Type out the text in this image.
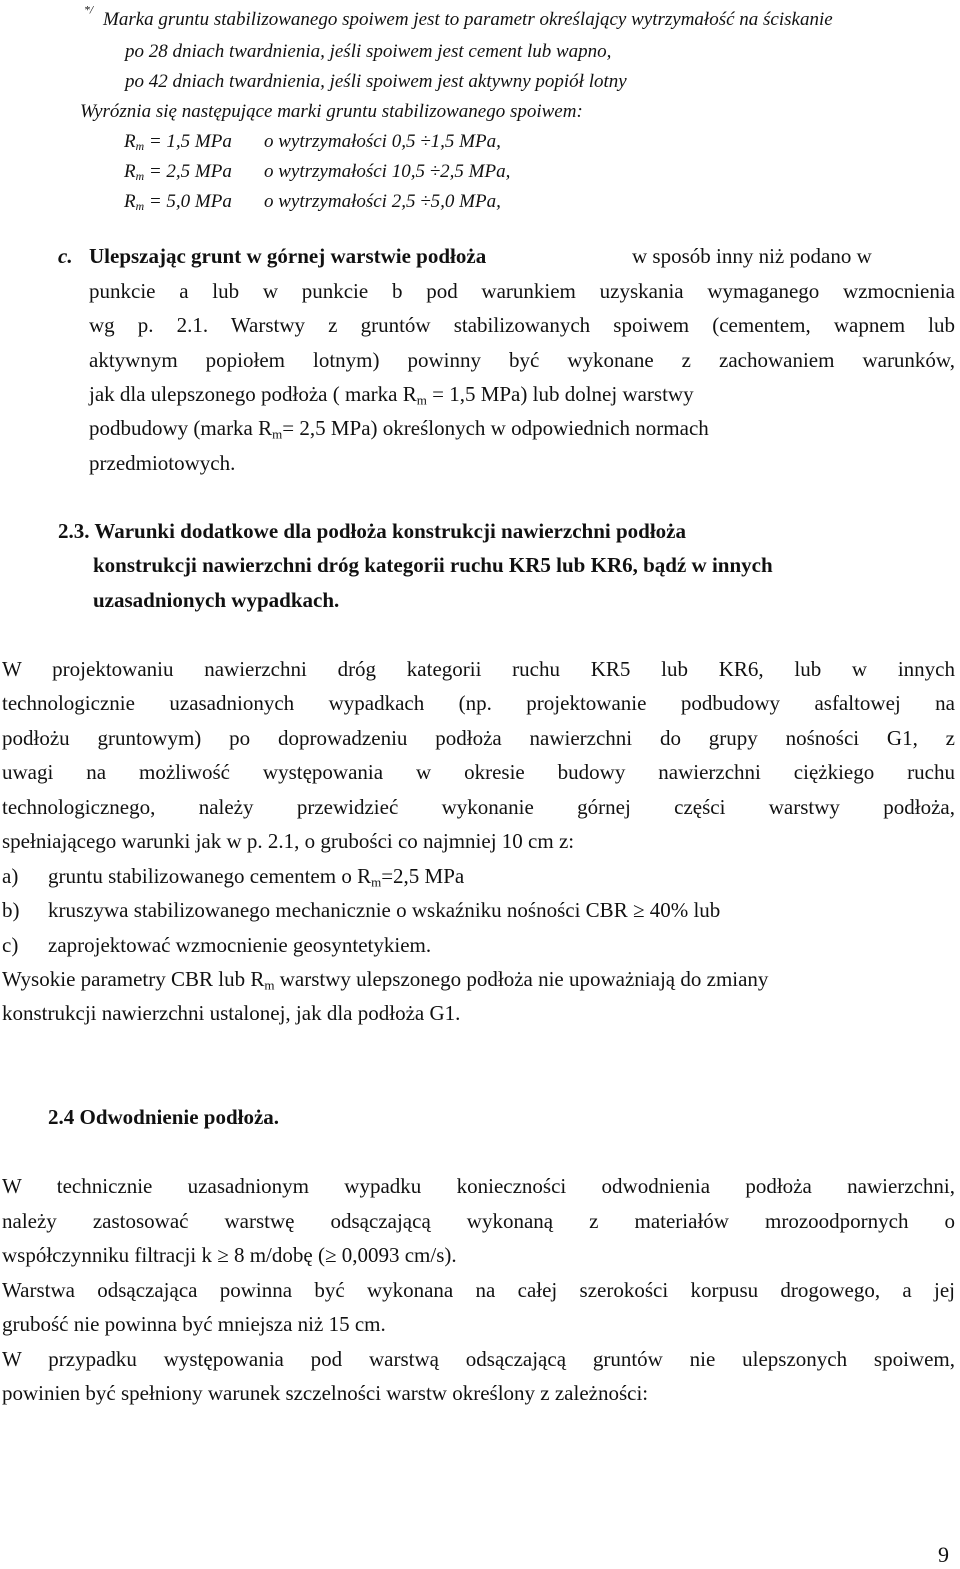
*/ Marka gruntu stabilizowanego spoiwem jest to parametr określający wytrzymałość na ściskanie
po 28 dniach twardnienia, jeśli spoiwem jest cement lub wapno,
po 42 dniach twardnienia, jeśli spoiwem jest aktywny popiół lotny
Wyróznia się następujące marki gruntu stabilizowanego spoiwem:
$R_m = 1,5$ MPa o wytrzymałości 0,5 ÷1,5 MPa,
$R_m = 2,5$ MPa o wytrzymałości 10,5 ÷2,5 MPa,
$R_m = 5,0$ MPa o wytrzymałości 2,5 ÷5,0 MPa,
c. Ulepszając grunt w górnej warstwie podłoża	w sposób inny niż podano w
punkcie a lub w punkcie b pod warunkiem uzyskania wymaganego wzmocnienia
wg p. 2.1. Warstwy z gruntów stabilizowanych spoiwem (cementem, wapnem lub
aktywnym popiołem lotnym) powinny być wykonane z zachowaniem warunków,
jak dla ulepszonego podłoża ( marka $R_m = 1,5$ MPa) lub dolnej warstwy
podbudowy (marka $R_m= 2,5$ MPa) określonych w odpowiednich normach
przedmiotowych.
2.3. Warunki dodatkowe dla podłoża konstrukcji nawierzchni podłoża
konstrukcji nawierzchni dróg kategorii ruchu KR5 lub KR6, bądź w innych
uzasadnionych wypadkach.
W projektowaniu nawierzchni dróg kategorii ruchu KR5 lub KR6, lub w innych
technologicznie uzasadnionych wypadkach (np. projektowanie podbudowy asfaltowej na
podłożu gruntowym) po doprowadzeniu podłoża nawierzchni do grupy nośności G1, z
uwagi na możliwość występowania w okresie budowy nawierzchni ciężkiego ruchu
technologicznego, należy przewidzieć wykonanie górnej części warstwy podłoża,
spełniającego warunki jak w p. 2.1, o grubości co najmniej 10 cm z:
a) gruntu stabilizowanego cementem o $R_m=2,5$ MPa
b) kruszywa stabilizowanego mechanicznie o wskaźniku nośności CBR ≥ 40% lub
c) zaprojektować wzmocnienie geosyntetykiem.
Wysokie parametry CBR lub $R_m$ warstwy ulepszonego podłoża nie upoważniają do zmiany
konstrukcji nawierzchni ustalonej, jak dla podłoża G1.
2.4 Odwodnienie podłoża.
W technicznie uzasadnionym wypadku konieczności odwodnienia podłoża nawierzchni,
należy zastosować warstwę odsączającą wykonaną z materiałów mrozoodpornych o
współczynniku filtracji k ≥ 8 m/dobę (≥ 0,0093 cm/s).
Warstwa odsączająca powinna być wykonana na całej szerokości korpusu drogowego, a jej
grubość nie powinna być mniejsza niż 15 cm.
W przypadku występowania pod warstwą odsączającą gruntów nie ulepszonych spoiwem,
powinien być spełniony warunek szczelności warstw określony z zależności:
9
